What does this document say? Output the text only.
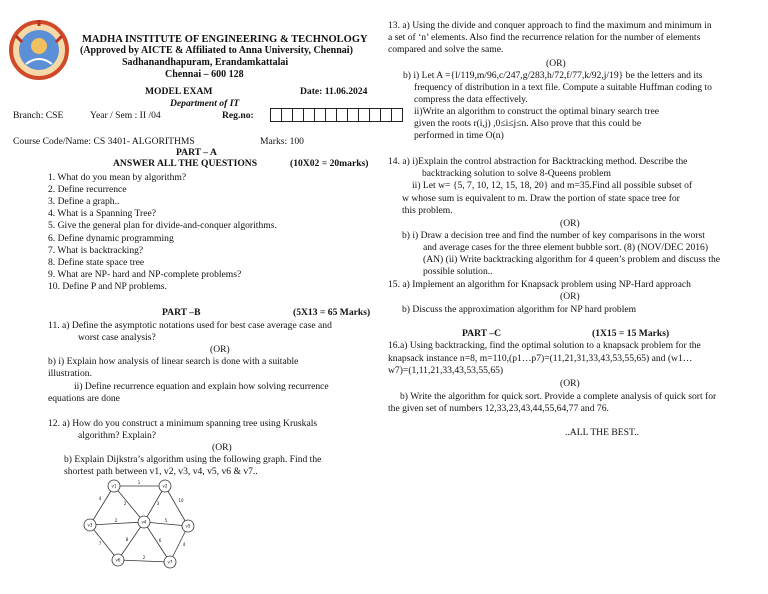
MADHA INSTITUTE OF ENGINEERING & TECHNOLOGY
(Approved by AICTE & Affiliated to Anna University, Chennai)
Sadhanandhapuram, Erandamkattalai
Chennai – 600 128
MODEL EXAM	Date: 11.06.2024
Department of IT
Branch: CSE	Year / Sem : II /04	Reg.no:
Course Code/Name: CS 3401- ALGORITHMS	Marks: 100
PART – A
ANSWER ALL THE QUESTIONS	(10X02 = 20marks)
1. What do you mean by algorithm?
2. Define recurrence
3. Define a graph..
4. What is a Spanning Tree?
5. Give the general plan for divide-and-conquer algorithms.
6. Define dynamic programming
7. What is backtracking?
8. Define state space tree
9. What are NP- hard and NP-complete problems?
10. Define P and NP problems.
PART –B	(5X13 = 65 Marks)
11. a) Define the asymptotic notations used for best case average case and
worst case analysis?
(OR)
b) i) Explain how analysis of linear search is done with a suitable
illustration.
ii) Define recurrence equation and explain how solving recurrence
equations are done
12. a) How do you construct a minimum spanning tree using Kruskals
algorithm? Explain?
(OR)
b) Explain Dijkstra’s algorithm using the following graph. Find the
shortest path between v1, v2, v3, v4, v5, v6 & v7..
v1	v2
v3
v4
v5
v6	v7
4
1
2	3
10
2
7
5
8	6
4
2
13. a) Using the divide and conquer approach to find the maximum and minimum in
a set of ‘n’ elements. Also find the recurrence relation for the number of elements
compared and solve the same.
(OR)
b) i) Let A ={l/119,m/96,c/247,g/283,h/72,f/77,k/92,j/19} be the letters and its
frequency of distribution in a text file. Compute a suitable Huffman coding to
compress the data effectively.
ii)Write an algorithm to construct the optimal binary search tree
given the roots r(i,j) ,0≤i≤j≤n. Also prove that this could be
performed in time O(n)
14. a) i)Explain the control abstraction for Backtracking method. Describe the
backtracking solution to solve 8-Queens problem
ii) Let w= {5, 7, 10, 12, 15, 18, 20} and m=35.Find all possible subset of
w whose sum is equivalent to m. Draw the portion of state space tree for
this problem.
(OR)
b) i) Draw a decision tree and find the number of key comparisons in the worst
and average cases for the three element bubble sort. (8) (NOV/DEC 2016)
(AN) (ii) Write backtracking algorithm for 4 queen’s problem and discuss the
possible solution..
15. a) Implement an algorithm for Knapsack problem using NP-Hard approach
(OR)
b) Discuss the approximation algorithm for NP hard problem
PART –C	(1X15 = 15 Marks)
16.a) Using backtracking, find the optimal solution to a knapsack problem for the
knapsack instance n=8, m=110,(p1…p7)=(11,21,31,33,43,53,55,65) and (w1…
w7)=(1,11,21,33,43,53,55,65)
(OR)
b) Write the algorithm for quick sort. Provide a complete analysis of quick sort for
the given set of numbers 12,33,23,43,44,55,64,77 and 76.
..ALL THE BEST..
